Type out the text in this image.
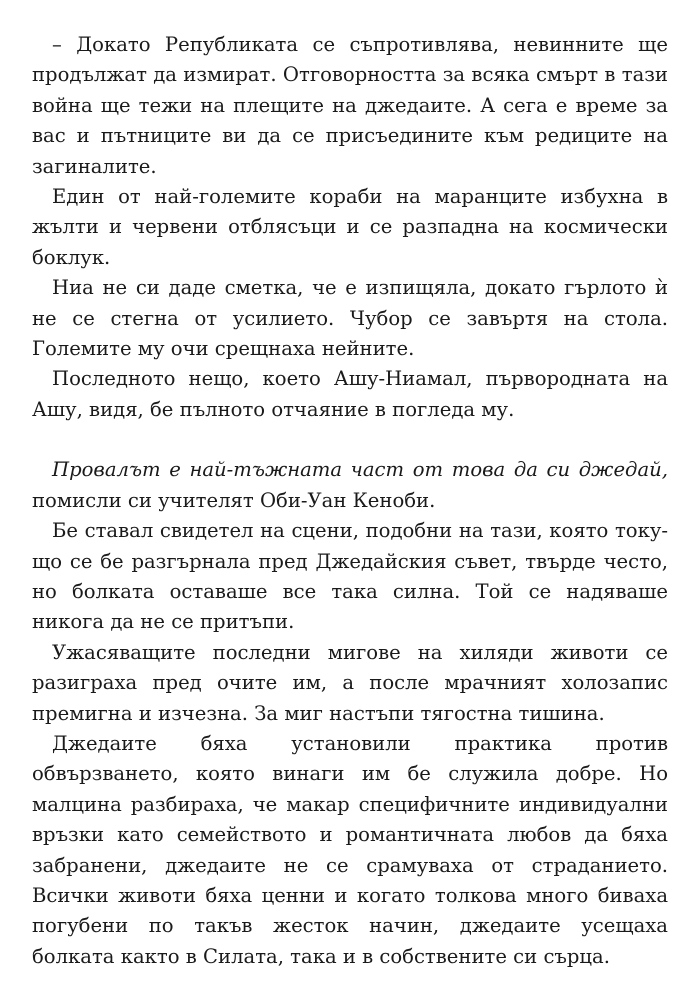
– Докато Републиката се съпротивлява, невинните ще продължат да измират. Отговорността за всяка смърт в тази война ще тежи на плещите на джедаите. А сега е време за вас и пътниците ви да се присъедините към редиците на загиналите.

Един от най-големите кораби на маранците избухна в жълти и червени отблясъци и се разпадна на космически боклук.

Ниа не си даде сметка, че е изпищяла, докато гърлото ѝ не се стегна от усилието. Чубор се завъртя на стола. Големите му очи срещнаха нейните.

Последното нещо, което Ашу-Ниамал, първородната на Ашу, видя, бе пълното отчаяние в погледа му.

Провалът е най-тъжната част от това да си джедай, помисли си учителят Оби-Уан Кеноби.

Бе ставал свидетел на сцени, подобни на тази, която току-що се бе разгърнала пред Джедайския съвет, твърде често, но болката оставаше все така силна. Той се надяваше никога да не се притъпи.

Ужасяващите последни мигове на хиляди животи се разиграха пред очите им, а после мрачният холозапис премигна и изчезна. За миг настъпи тягостна тишина.

Джедаите бяха установили практика против обвързването, която винаги им бе служила добре. Но малцина разбираха, че макар специфичните индивидуални връзки като семейството и романтичната любов да бяха забранени, джедаите не се срамуваха от страданието. Всички животи бяха ценни и когато толкова много биваха погубени по такъв жесток начин, джедаите усещаха болката както в Силата, така и в собствените си сърца.
